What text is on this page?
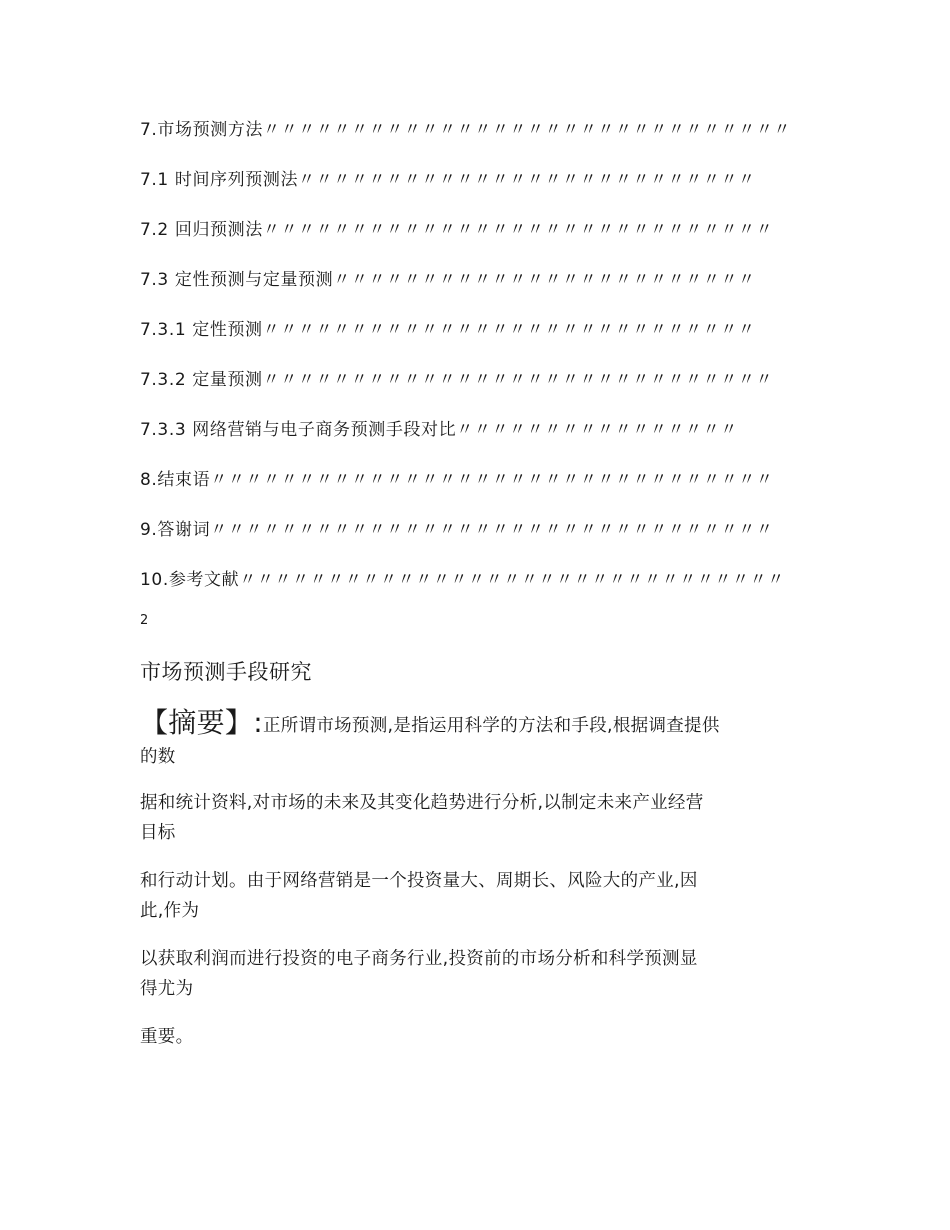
7.市场预测方法〃〃〃〃〃〃〃〃〃〃〃〃〃〃〃〃〃〃〃〃〃〃〃〃〃〃〃〃〃〃
7.1 时间序列预测法〃〃〃〃〃〃〃〃〃〃〃〃〃〃〃〃〃〃〃〃〃〃〃〃〃〃
7.2 回归预测法〃〃〃〃〃〃〃〃〃〃〃〃〃〃〃〃〃〃〃〃〃〃〃〃〃〃〃〃〃
7.3 定性预测与定量预测〃〃〃〃〃〃〃〃〃〃〃〃〃〃〃〃〃〃〃〃〃〃〃〃
7.3.1 定性预测〃〃〃〃〃〃〃〃〃〃〃〃〃〃〃〃〃〃〃〃〃〃〃〃〃〃〃〃
7.3.2 定量预测〃〃〃〃〃〃〃〃〃〃〃〃〃〃〃〃〃〃〃〃〃〃〃〃〃〃〃〃〃
7.3.3 网络营销与电子商务预测手段对比〃〃〃〃〃〃〃〃〃〃〃〃〃〃〃〃
8.结束语〃〃〃〃〃〃〃〃〃〃〃〃〃〃〃〃〃〃〃〃〃〃〃〃〃〃〃〃〃〃〃〃
9.答谢词〃〃〃〃〃〃〃〃〃〃〃〃〃〃〃〃〃〃〃〃〃〃〃〃〃〃〃〃〃〃〃〃
10.参考文献〃〃〃〃〃〃〃〃〃〃〃〃〃〃〃〃〃〃〃〃〃〃〃〃〃〃〃〃〃〃〃
2
市场预测手段研究

【摘要】:正所谓市场预测,是指运用科学的方法和手段,根据调查提供
的数

据和统计资料,对市场的未来及其变化趋势进行分析,以制定未来产业经营
目标

和行动计划。由于网络营销是一个投资量大、周期长、风险大的产业,因
此,作为

以获取利润而进行投资的电子商务行业,投资前的市场分析和科学预测显
得尤为

重要。
